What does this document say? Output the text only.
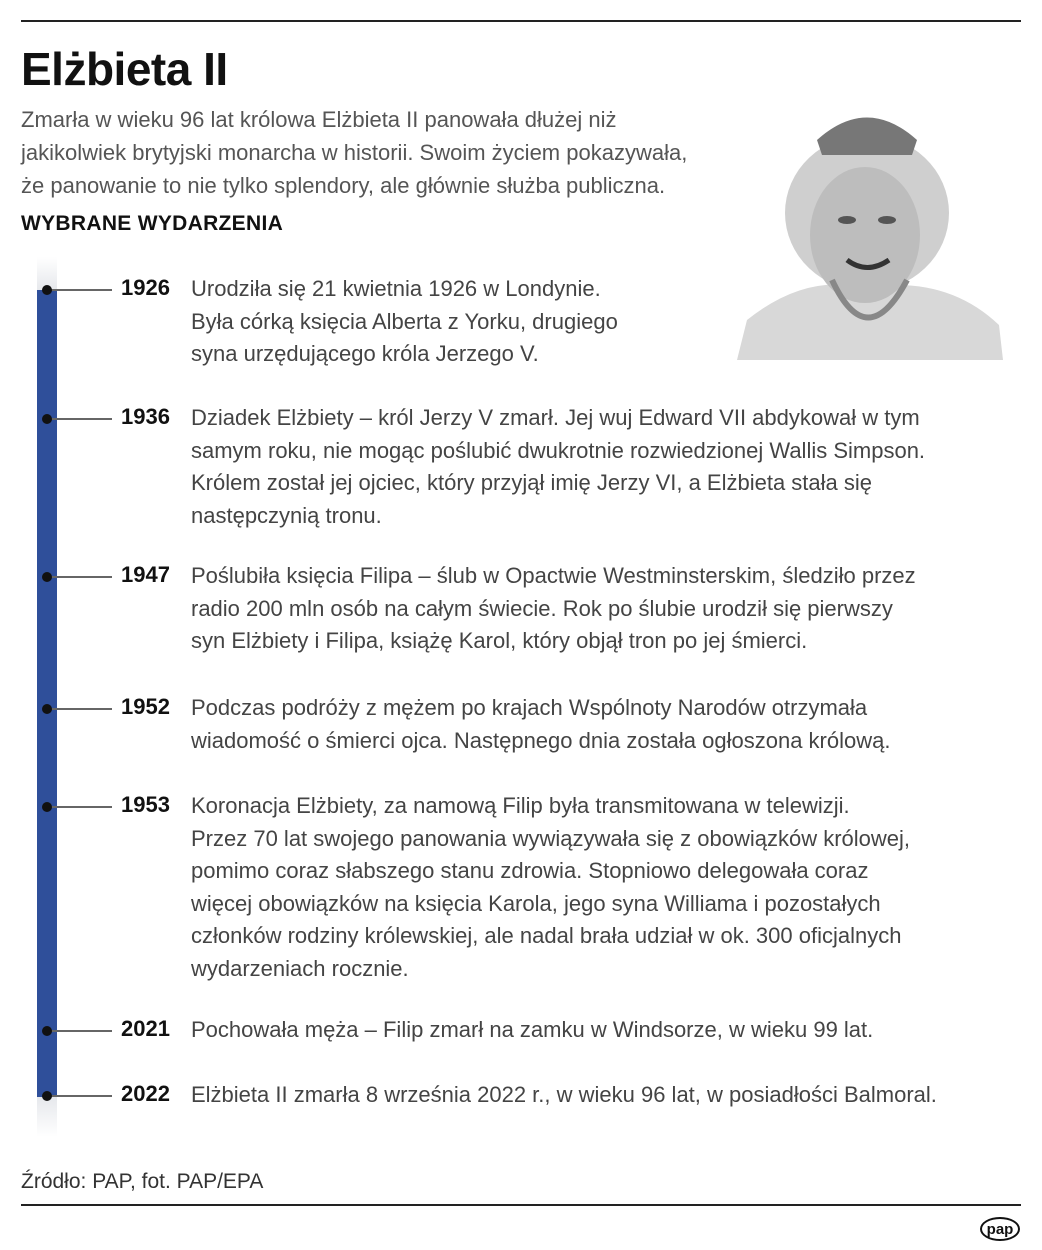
Elżbieta II
Zmarła w wieku 96 lat królowa Elżbieta II panowała dłużej niż
jakikolwiek brytyjski monarcha w historii. Swoim życiem pokazywała,
że panowanie to nie tylko splendory, ale głównie służba publiczna.
WYBRANE WYDARZENIA
1926 Urodziła się 21 kwietnia 1926 w Londynie.
Była córką księcia Alberta z Yorku, drugiego
syna urzędującego króla Jerzego V.
1936 Dziadek Elżbiety – król Jerzy V zmarł. Jej wuj Edward VII abdykował w tym
samym roku, nie mogąc poślubić dwukrotnie rozwiedzionej Wallis Simpson.
Królem został jej ojciec, który przyjął imię Jerzy VI, a Elżbieta stała się
następczynią tronu.
1947 Poślubiła księcia Filipa – ślub w Opactwie Westminsterskim, śledziło przez
radio 200 mln osób na całym świecie. Rok po ślubie urodził się pierwszy
syn Elżbiety i Filipa, książę Karol, który objął tron po jej śmierci.
1952 Podczas podróży z mężem po krajach Wspólnoty Narodów otrzymała
wiadomość o śmierci ojca. Następnego dnia została ogłoszona królową.
1953 Koronacja Elżbiety, za namową Filip była transmitowana w telewizji.
Przez 70 lat swojego panowania wywiązywała się z obowiązków królowej,
pomimo coraz słabszego stanu zdrowia. Stopniowo delegowała coraz
więcej obowiązków na księcia Karola, jego syna Williama i pozostałych
członków rodziny królewskiej, ale nadal brała udział w ok. 300 oficjalnych
wydarzeniach rocznie.
2021 Pochowała męża – Filip zmarł na zamku w Windsorze, w wieku 99 lat.
2022 Elżbieta II zmarła 8 września 2022 r., w wieku 96 lat, w posiadłości Balmoral.
Źródło: PAP, fot. PAP/EPA
pap
